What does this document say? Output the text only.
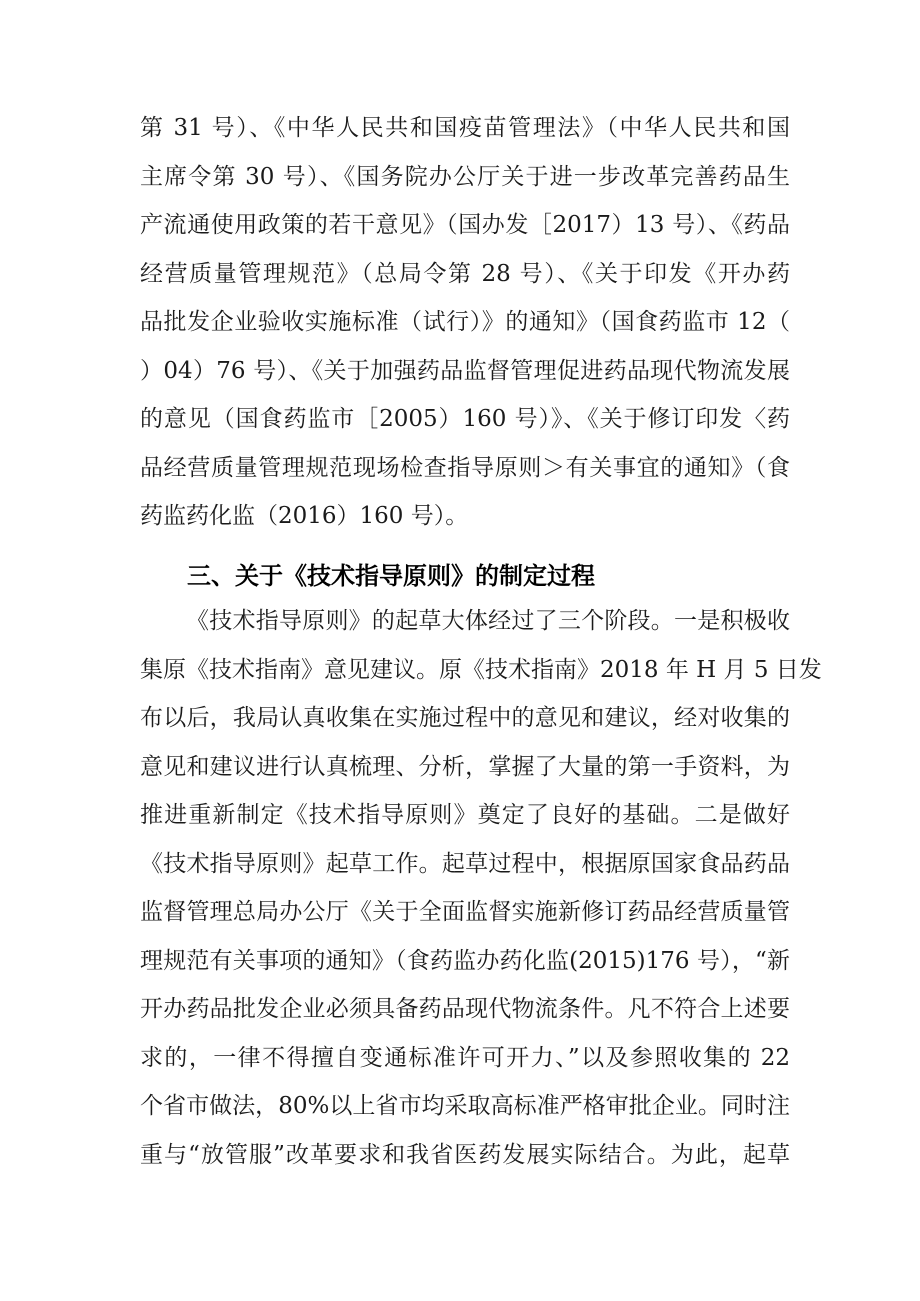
第 31 号）、《中华人民共和国疫苗管理法》（中华人民共和国
主席令第 30 号）、《国务院办公厅关于进一步改革完善药品生
产流通使用政策的若干意见》（国办发［2017）13 号）、《药品
经营质量管理规范》（总局令第 28 号）、《关于印发《开办药
品批发企业验收实施标准（试行）》的通知》（国食药监市 12（
）04）76 号）、《关于加强药品监督管理促进药品现代物流发展
的意见（国食药监市［2005）160 号）》、《关于修订印发〈药
品经营质量管理规范现场检查指导原则＞有关事宜的通知》（食
药监药化监（2016）160 号）。
三、关于《技术指导原则》的制定过程
《技术指导原则》的起草大体经过了三个阶段。一是积极收
集原《技术指南》意见建议。原《技术指南》2018 年 H 月 5 日发
布以后，我局认真收集在实施过程中的意见和建议，经对收集的
意见和建议进行认真梳理、分析，掌握了大量的第一手资料，为
推进重新制定《技术指导原则》奠定了良好的基础。二是做好
《技术指导原则》起草工作。起草过程中，根据原国家食品药品
监督管理总局办公厅《关于全面监督实施新修订药品经营质量管
理规范有关事项的通知》（食药监办药化监(2015)176 号），“新
开办药品批发企业必须具备药品现代物流条件。凡不符合上述要
求的，一律不得擅自变通标准许可开力、”以及参照收集的 22
个省市做法，80%以上省市均采取高标准严格审批企业。同时注
重与“放管服”改革要求和我省医药发展实际结合。为此，起草
